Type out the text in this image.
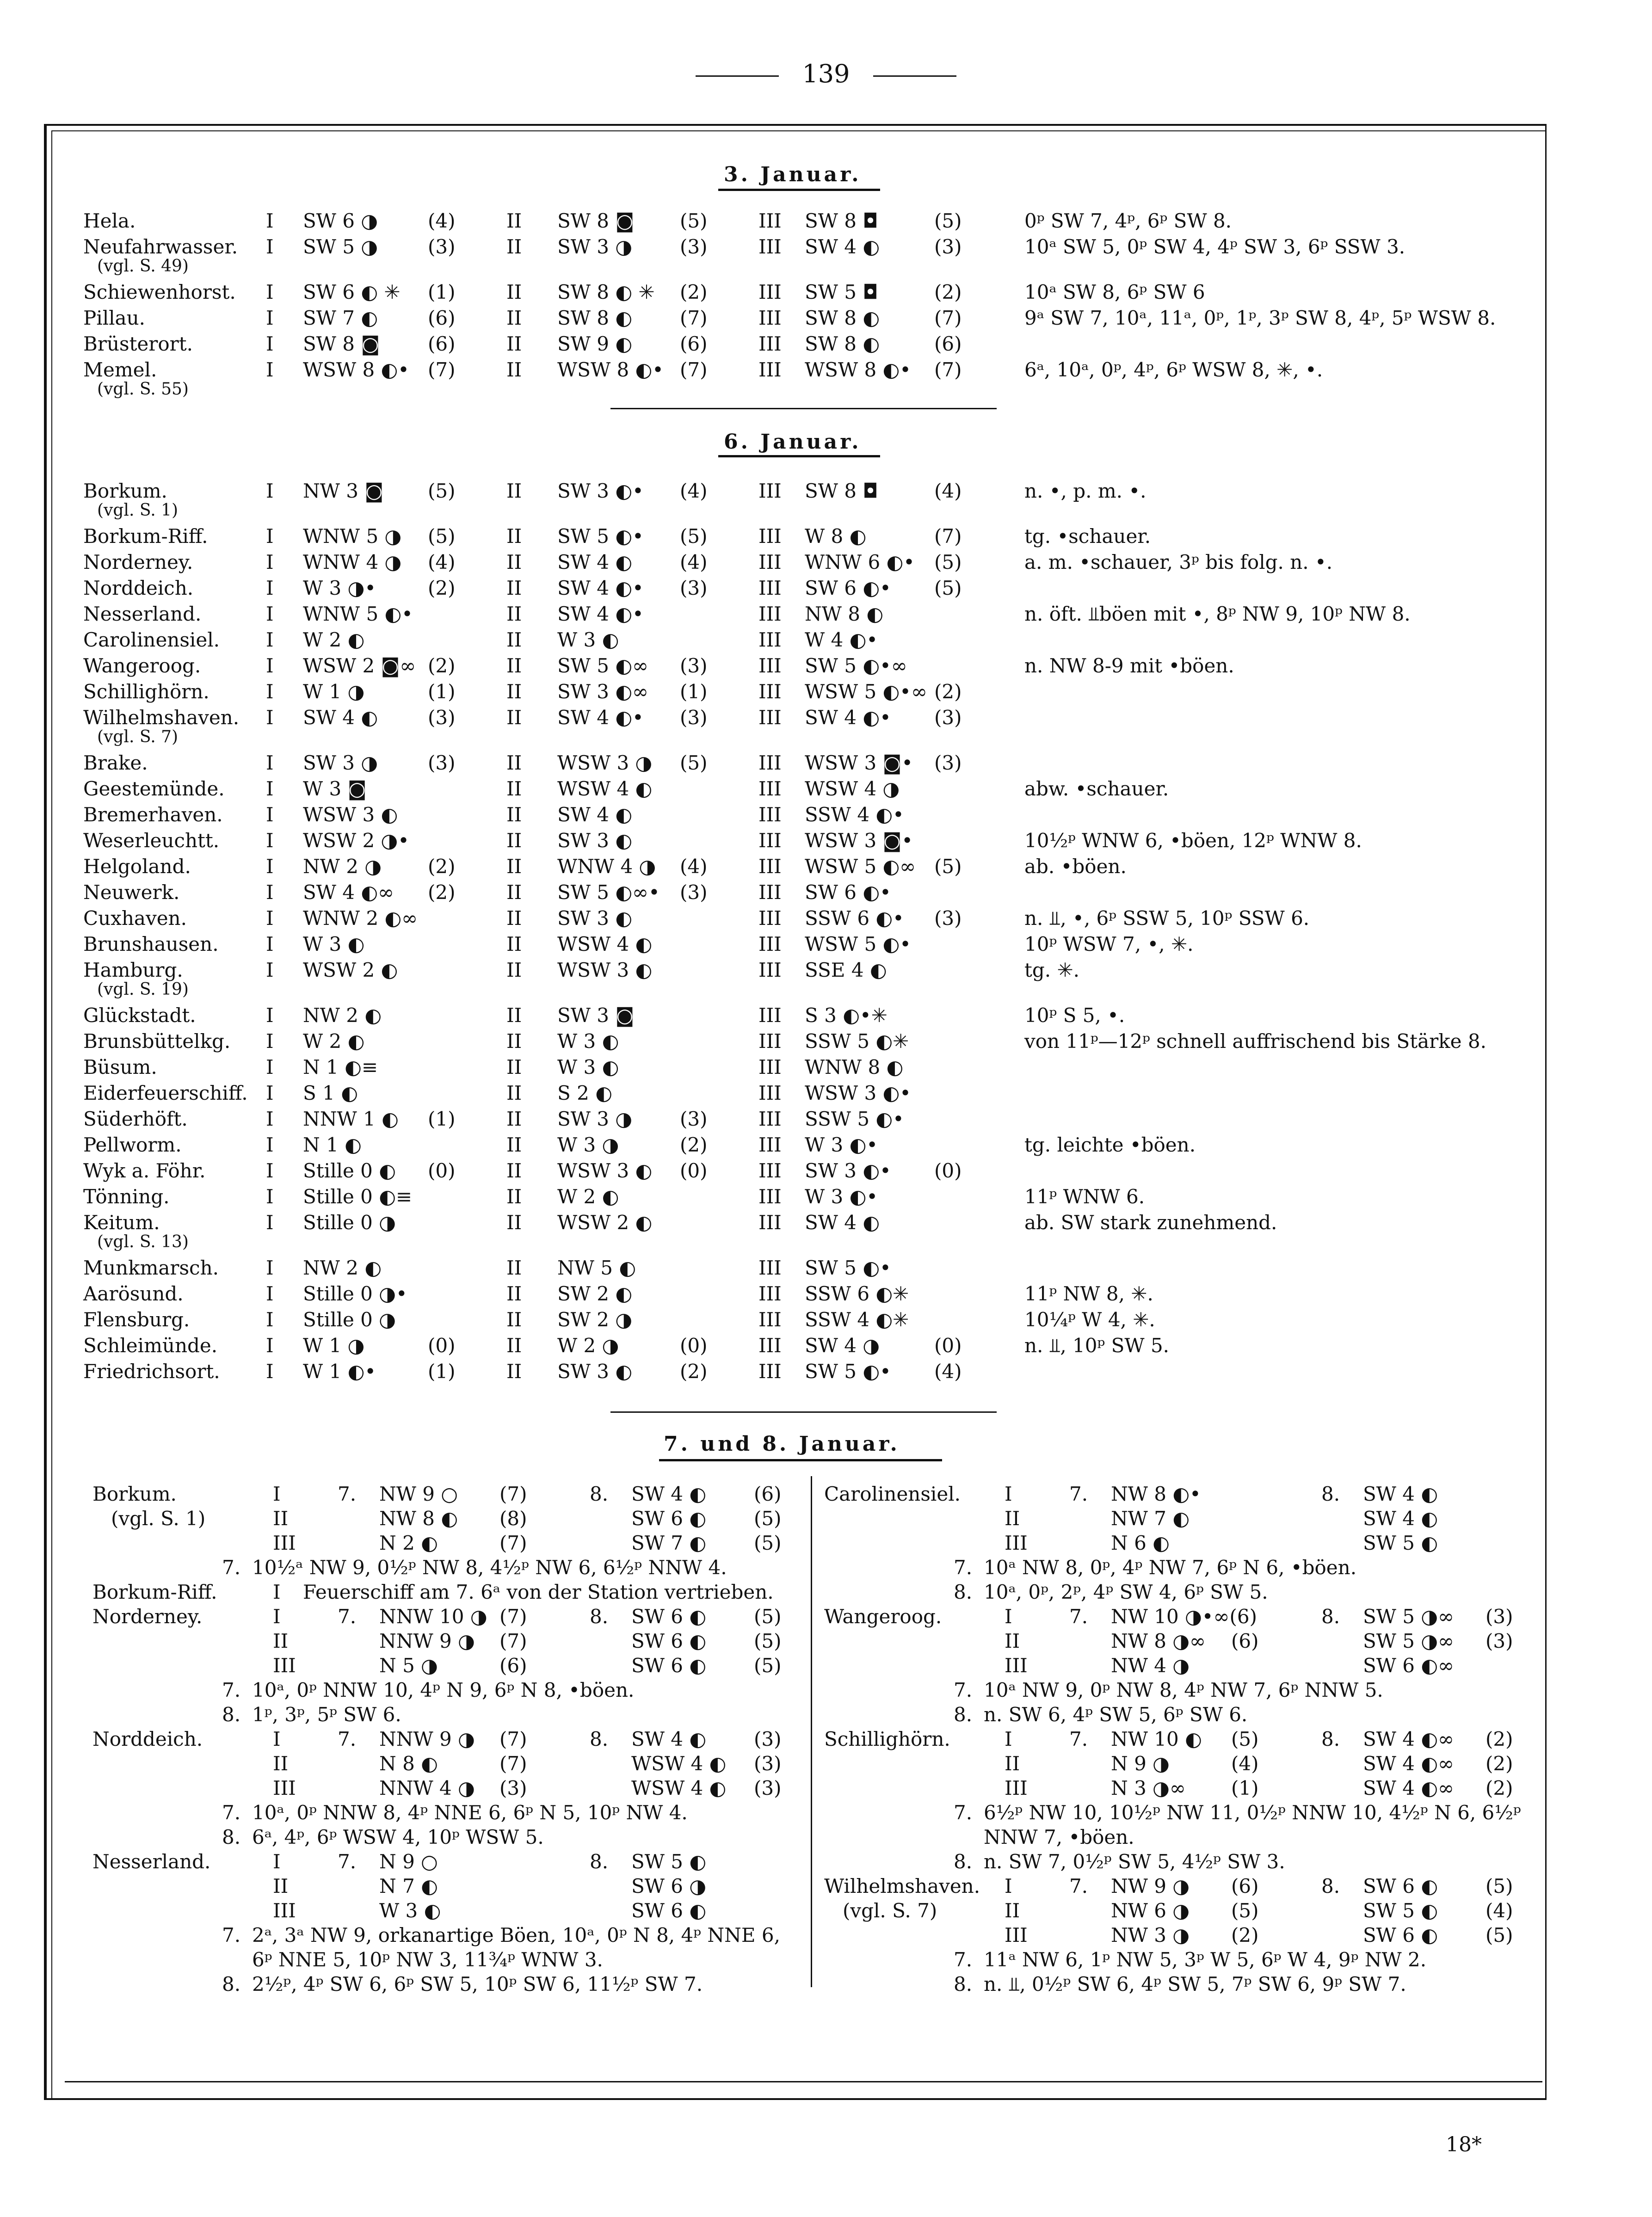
139
3. Januar.
Hela.	I SW 6 ◑	(4)	II SW 8 ◙ (5)	III SW 8 ◘	(5)	0ᵖ SW 7, 4ᵖ, 6ᵖ SW 8.
Neufahrwasser. I SW 5 ◑	(3)	II SW 3 ◑ (3)	III SW 4 ◐	(3)	10ᵃ SW 5, 0ᵖ SW 4, 4ᵖ SW 3, 6ᵖ SSW 3.
(vgl. S. 49)
Schiewenhorst. I SW 6 ◐ ✳ (1)	II SW 8 ◐ ✳ (2)	III SW 5 ◘	(2)	10ᵃ SW 8, 6ᵖ SW 6
Pillau.	I SW 7 ◐	(6)	II SW 8 ◐ (7)	III SW 8 ◐	(7)	9ᵃ SW 7, 10ᵃ, 11ᵃ, 0ᵖ, 1ᵖ, 3ᵖ SW 8, 4ᵖ, 5ᵖ WSW 8.
Brüsterort.	I SW 8 ◙ (6)	II SW 9 ◐ (6)	III SW 8 ◐	(6)
Memel.	I WSW 8 ◐• (7)	II WSW 8 ◐• (7)	III WSW 8 ◐• (7)	6ᵃ, 10ᵃ, 0ᵖ, 4ᵖ, 6ᵖ WSW 8, ✳, •.
(vgl. S. 55)
6. Januar.
Borkum.	I NW 3 ◙ (5)	II SW 3 ◐• (4)	III SW 8 ◘	(4)	n. •, p. m. •.
(vgl. S. 1)
Borkum-Riff.	I WNW 5 ◑ (5)	II SW 5 ◐• (5)	III W 8 ◐	(7)	tg. •schauer.
Norderney.	I WNW 4 ◑ (4)	II SW 4 ◐ (4)	III WNW 6 ◐• (5)	a. m. •schauer, 3ᵖ bis folg. n. •.
Norddeich.	I W 3 ◑•	(2)	II SW 4 ◐• (3)	III SW 6 ◐• (5)
Nesserland.	I WNW 5 ◐•	II SW 4 ◐•	III NW 8 ◐	n. öft. ⫫böen mit •, 8ᵖ NW 9, 10ᵖ NW 8.
Carolinensiel. I W 2 ◐	II W 3 ◐	III W 4 ◐•
Wangeroog.	I WSW 2 ◙∞ (2)	II SW 5 ◐∞ (3)	III SW 5 ◐•∞	n. NW 8-9 mit •böen.
Schillighörn.	I W 1 ◑	(1)	II SW 3 ◐∞ (1)	III WSW 5 ◐•∞ (2)
Wilhelmshaven. I SW 4 ◐	(3)	II SW 4 ◐• (3)	III SW 4 ◐• (3)
(vgl. S. 7)
Brake.	I SW 3 ◑	(3)	II WSW 3 ◑ (5)	III WSW 3 ◙• (3)
Geestemünde. I W 3 ◙	II WSW 4 ◐	III WSW 4 ◑	abw. •schauer.
Bremerhaven. I WSW 3 ◐	II SW 4 ◐	III SSW 4 ◐•
Weserleuchtt. I WSW 2 ◑•	II SW 3 ◐	III WSW 3 ◙•	10½ᵖ WNW 6, •böen, 12ᵖ WNW 8.
Helgoland.	I NW 2 ◑ (2)	II WNW 4 ◑ (4)	III WSW 5 ◐∞ (5)	ab. •böen.
Neuwerk.	I SW 4 ◐∞ (2)	II SW 5 ◐∞• (3)	III SW 6 ◐•
Cuxhaven.	I WNW 2 ◐∞	II SW 3 ◐	III SSW 6 ◐• (3)	n. ⫫, •, 6ᵖ SSW 5, 10ᵖ SSW 6.
Brunshausen. I W 3 ◐	II WSW 4 ◐	III WSW 5 ◐•	10ᵖ WSW 7, •, ✳.
Hamburg.	I WSW 2 ◐	II WSW 3 ◐	III SSE 4 ◐	tg. ✳.
(vgl. S. 19)
Glückstadt.	I NW 2 ◐	II SW 3 ◙	III S 3 ◐•✳	10ᵖ S 5, •.
Brunsbüttelkg. I W 2 ◐	II W 3 ◐	III SSW 5 ◐✳	von 11ᵖ—12ᵖ schnell auffrischend bis Stärke 8.
Büsum.	I N 1 ◐≡	II W 3 ◐	III WNW 8 ◐
Eiderfeuerschiff. I S 1 ◐	II S 2 ◐	III WSW 3 ◐•
Süderhöft.	I NNW 1 ◐ (1)	II SW 3 ◑ (3)	III SSW 5 ◐•
Pellworm.	I N 1 ◐	II W 3 ◑	(2)	III W 3 ◐•	tg. leichte •böen.
Wyk a. Föhr.	I Stille 0 ◐ (0)	II WSW 3 ◐ (0)	III SW 3 ◐• (0)
Tönning.	I Stille 0 ◐≡	II W 2 ◐	III W 3 ◐•	11ᵖ WNW 6.
Keitum.	I Stille 0 ◑	II WSW 2 ◐	III SW 4 ◐	ab. SW stark zunehmend.
(vgl. S. 13)
Munkmarsch. I NW 2 ◐	II NW 5 ◐	III SW 5 ◐•
Aarösund.	I Stille 0 ◑•	II SW 2 ◐	III SSW 6 ◐✳	11ᵖ NW 8, ✳.
Flensburg.	I Stille 0 ◑	II SW 2 ◑	III SSW 4 ◐✳	10¼ᵖ W 4, ✳.
Schleimünde. I W 1 ◑	(0)	II W 2 ◑	(0)	III SW 4 ◑	(0)	n. ⫫, 10ᵖ SW 5.
Friedrichsort. I W 1 ◐•	(1)	II SW 3 ◐ (2)	III SW 5 ◐• (4)
7. und 8. Januar.
Borkum.	I	7. NW 9 ○ (7)	8. SW 4 ◐ (6)
(vgl. S. 1)	II	NW 8 ◐ (8)	SW 6 ◐ (5)
III	N 2 ◐	(7)	SW 7 ◐ (5)
7. 10½ᵃ NW 9, 0½ᵖ NW 8, 4½ᵖ NW 6, 6½ᵖ NNW 4.
Borkum-Riff.	I Feuerschiff am 7. 6ᵃ von der Station vertrieben.
Norderney.	I	7. NNW 10 ◑ (7)	8. SW 6 ◐ (5)
II	NNW 9 ◑ (7)	SW 6 ◐ (5)
III	N 5 ◑	(6)	SW 6 ◐ (5)
7. 10ᵃ, 0ᵖ NNW 10, 4ᵖ N 9, 6ᵖ N 8, •böen.
8. 1ᵖ, 3ᵖ, 5ᵖ SW 6.
Norddeich.	I	7. NNW 9 ◑ (7)	8. SW 4 ◐ (3)
II	N 8 ◐	(7)	WSW 4 ◐ (3)
III	NNW 4 ◑ (3)	WSW 4 ◐ (3)
7. 10ᵃ, 0ᵖ NNW 8, 4ᵖ NNE 6, 6ᵖ N 5, 10ᵖ NW 4.
8. 6ᵃ, 4ᵖ, 6ᵖ WSW 4, 10ᵖ WSW 5.
Nesserland.	I	7. N 9 ○	8. SW 5 ◐
II	N 7 ◐	SW 6 ◑
III	W 3 ◐	SW 6 ◐
7. 2ᵃ, 3ᵃ NW 9, orkanartige Böen, 10ᵃ, 0ᵖ N 8, 4ᵖ NNE 6,
6ᵖ NNE 5, 10ᵖ NW 3, 11¾ᵖ WNW 3.
8. 2½ᵖ, 4ᵖ SW 6, 6ᵖ SW 5, 10ᵖ SW 6, 11½ᵖ SW 7.
Carolinensiel. I	7. NW 8 ◐•	8. SW 4 ◐
II	NW 7 ◐	SW 4 ◐
III	N 6 ◐	SW 5 ◐
7. 10ᵃ NW 8, 0ᵖ, 4ᵖ NW 7, 6ᵖ N 6, •böen.
8. 10ᵃ, 0ᵖ, 2ᵖ, 4ᵖ SW 4, 6ᵖ SW 5.
Wangeroog.	I	7. NW 10 ◑•∞(6)	8. SW 5 ◑∞ (3)
II	NW 8 ◑∞ (6)	SW 5 ◑∞ (3)
III	NW 4 ◑	SW 6 ◐∞
7. 10ᵃ NW 9, 0ᵖ NW 8, 4ᵖ NW 7, 6ᵖ NNW 5.
8. n. SW 6, 4ᵖ SW 5, 6ᵖ SW 6.
Schillighörn.	I	7. NW 10 ◐ (5)	8. SW 4 ◐∞ (2)
II	N 9 ◑	(4)	SW 4 ◐∞ (2)
III	N 3 ◑∞ (1)	SW 4 ◐∞ (2)
7. 6½ᵖ NW 10, 10½ᵖ NW 11, 0½ᵖ NNW 10, 4½ᵖ N 6, 6½ᵖ
NNW 7, •böen.
8. n. SW 7, 0½ᵖ SW 5, 4½ᵖ SW 3.
Wilhelmshaven. I	7. NW 9 ◑ (6)	8. SW 6 ◐ (5)
(vgl. S. 7)	II	NW 6 ◑ (5)	SW 5 ◐ (4)
III	NW 3 ◑ (2)	SW 6 ◐ (5)
7. 11ᵃ NW 6, 1ᵖ NW 5, 3ᵖ W 5, 6ᵖ W 4, 9ᵖ NW 2.
8. n. ⫫, 0½ᵖ SW 6, 4ᵖ SW 5, 7ᵖ SW 6, 9ᵖ SW 7.
18*
